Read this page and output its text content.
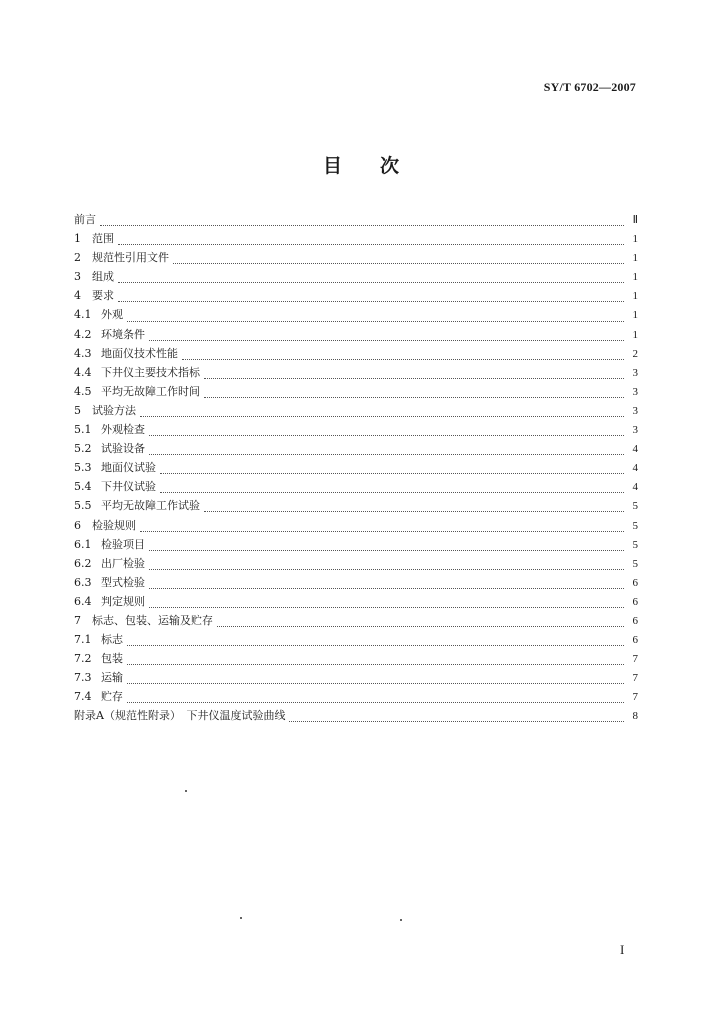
SY/T 6702—2007
目 次
前言	Ⅱ
1	范围	1
2	规范性引用文件	1
3	组成	1
4	要求	1
4.1 外观	1
4.2 环境条件	1
4.3 地面仪技术性能	2
4.4 下井仪主要技术指标	3
4.5 平均无故障工作时间	3
5	试验方法	3
5.1 外观检查	3
5.2 试验设备	4
5.3 地面仪试验	4
5.4 下井仪试验	4
5.5 平均无故障工作试验	5
6	检验规则	5
6.1 检验项目	5
6.2 出厂检验	5
6.3 型式检验	6
6.4 判定规则	6
7	标志、包装、运输及贮存	6
7.1 标志	6
7.2 包装	7
7.3 运输	7
7.4 贮存	7
附录A（规范性附录）　下井仪温度试验曲线	8
I
